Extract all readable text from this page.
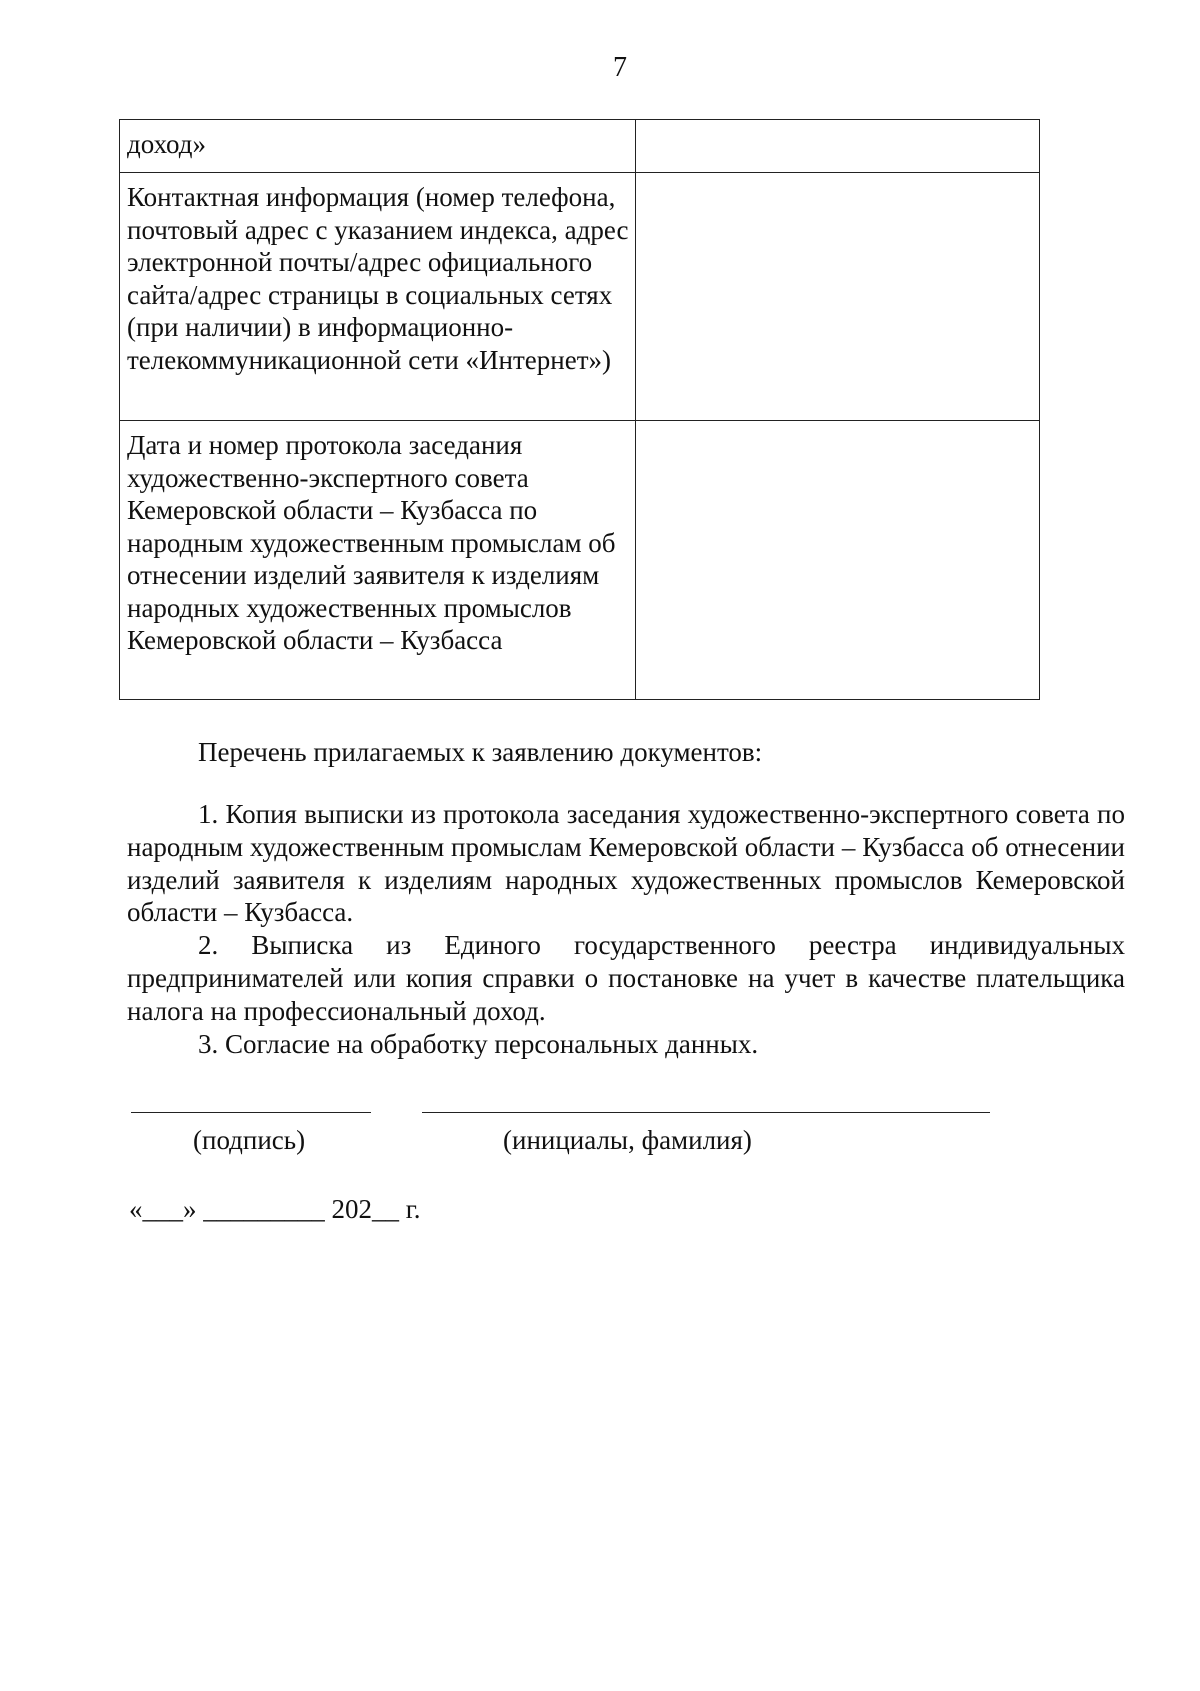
7
доход»	
Контактная информация (номер телефона, почтовый адрес с указанием индекса, адрес электронной почты/адрес официального сайта/адрес страницы в социальных сетях (при наличии) в информационно-телекоммуникационной сети «Интернет»)	
Дата и номер протокола заседания художественно-экспертного совета Кемеровской области – Кузбасса по народным художественным промыслам об отнесении изделий заявителя к изделиям народных художественных промыслов Кемеровской области – Кузбасса	
Перечень прилагаемых к заявлению документов:

1. Копия выписки из протокола заседания художественно-экспертного совета по народным художественным промыслам Кемеровской области – Кузбасса об отнесении изделий заявителя к изделиям народных художественных промыслов Кемеровской области – Кузбасса.

2. Выписка из Единого государственного реестра индивидуальных предпринимателей или копия справки о постановке на учет в качестве плательщика налога на профессиональный доход.

3. Согласие на обработку персональных данных.

(подпись)	(инициалы, фамилия)
«___» _________ 202__ г.
